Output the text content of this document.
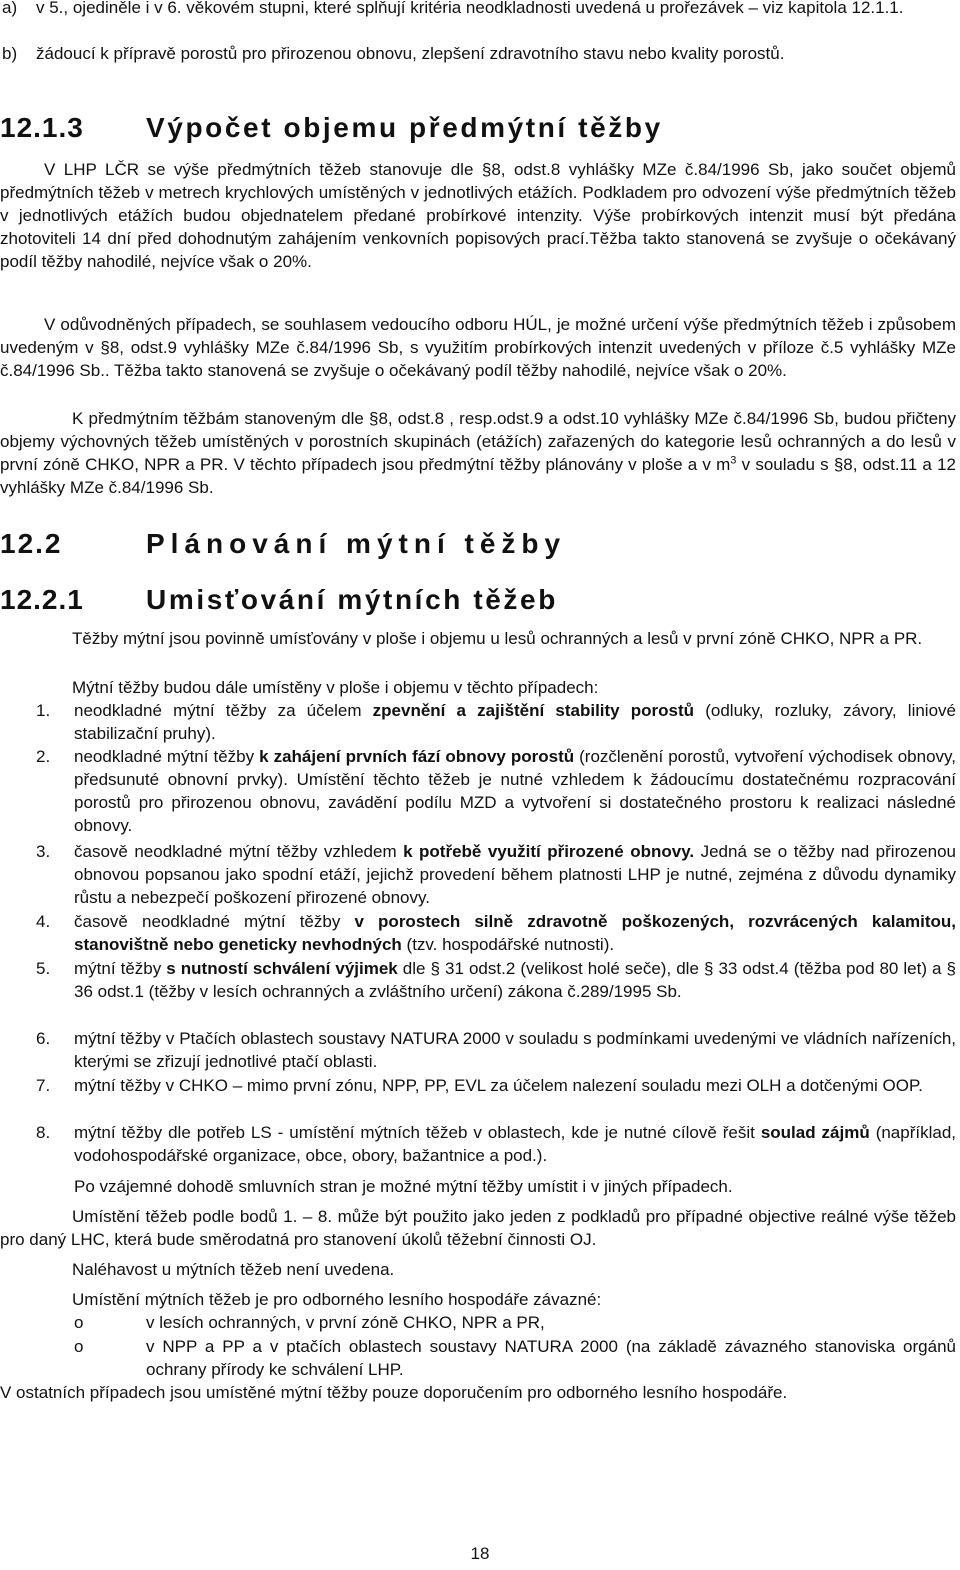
a) v 5., ojediněle i v 6. věkovém stupni, které splňují kritéria neodkladnosti uvedená u prořezávek – viz kapitola 12.1.1.
b) žádoucí k přípravě porostů pro přirozenou obnovu, zlepšení zdravotního stavu nebo kvality porostů.
12.1.3 Výpočet objemu předmýtní těžby

V LHP LČR se výše předmýtních těžeb stanovuje dle §8, odst.8 vyhlášky MZe č.84/1996 Sb, jako součet objemů předmýtních těžeb v metrech krychlových umístěných v jednotlivých etážích. Podkladem pro odvození výše předmýtních těžeb v jednotlivých etážích budou objednatelem předané probírkové intenzity. Výše probírkových intenzit musí být předána zhotoviteli 14 dní před dohodnutým zahájením venkovních popisových prací.Těžba takto stanovená se zvyšuje o očekávaný podíl těžby nahodilé, nejvíce však o 20%.

V odůvodněných případech, se souhlasem vedoucího odboru HÚL, je možné určení výše předmýtních těžeb i způsobem uvedeným v §8, odst.9 vyhlášky MZe č.84/1996 Sb, s využitím probírkových intenzit uvedených v příloze č.5 vyhlášky MZe č.84/1996 Sb.. Těžba takto stanovená se zvyšuje o očekávaný podíl těžby nahodilé, nejvíce však o 20%.

K předmýtním těžbám stanoveným dle §8, odst.8 , resp.odst.9 a odst.10 vyhlášky MZe č.84/1996 Sb, budou přičteny objemy výchovných těžeb umístěných v porostních skupinách (etážích) zařazených do kategorie lesů ochranných a do lesů v první zóně CHKO, NPR a PR. V těchto případech jsou předmýtní těžby plánovány v ploše a v $m^3$ v souladu s §8, odst.11 a 12 vyhlášky MZe č.84/1996 Sb.

12.2	Plánování mýtní těžby
12.2.1 Umisťování mýtních těžeb

Těžby mýtní jsou povinně umísťovány v ploše i objemu u lesů ochranných a lesů v první zóně CHKO, NPR a PR.

Mýtní těžby budou dále umístěny v ploše i objemu v těchto případech:

1. neodkladné mýtní těžby za účelem zpevnění a zajištění stability porostů (odluky, rozluky, závory, liniové stabilizační pruhy).
2. neodkladné mýtní těžby k zahájení prvních fází obnovy porostů (rozčlenění porostů, vytvoření východisek obnovy, předsunuté obnovní prvky). Umístění těchto těžeb je nutné vzhledem k žádoucímu dostatečnému rozpracování porostů pro přirozenou obnovu, zavádění podílu MZD a vytvoření si dostatečného prostoru k realizaci následné obnovy.
3. časově neodkladné mýtní těžby vzhledem k potřebě využití přirozené obnovy. Jedná se o těžby nad přirozenou obnovou popsanou jako spodní etáží, jejichž provedení během platnosti LHP je nutné, zejména z důvodu dynamiky růstu a nebezpečí poškození přirozené obnovy.
4. časově neodkladné mýtní těžby v porostech silně zdravotně poškozených, rozvrácených kalamitou, stanovištně nebo geneticky nevhodných (tzv. hospodářské nutnosti).
5. mýtní těžby s nutností schválení výjimek dle § 31 odst.2 (velikost holé seče), dle § 33 odst.4 (těžba pod 80 let) a § 36 odst.1 (těžby v lesích ochranných a zvláštního určení) zákona č.289/1995 Sb.
6. mýtní těžby v Ptačích oblastech soustavy NATURA 2000 v souladu s podmínkami uvedenými ve vládních nařízeních, kterými se zřizují jednotlivé ptačí oblasti.
7. mýtní těžby v CHKO – mimo první zónu, NPP, PP, EVL za účelem nalezení souladu mezi OLH a dotčenými OOP.
8. mýtní těžby dle potřeb LS - umístění mýtních těžeb v oblastech, kde je nutné cílově řešit soulad zájmů (například, vodohospodářské organizace, obce, obory, bažantnice a pod.).

Po vzájemné dohodě smluvních stran je možné mýtní těžby umístit i v jiných případech.

Umístění těžeb podle bodů 1. – 8. může být použito jako jeden z podkladů pro případné objective reálné výše těžeb pro daný LHC, která bude směrodatná pro stanovení úkolů těžební činnosti OJ.

Naléhavost u mýtních těžeb není uvedena.

Umístění mýtních těžeb je pro odborného lesního hospodáře závazné:

o	v lesích ochranných, v první zóně CHKO, NPR a PR,
o	v NPP a PP a v ptačích oblastech soustavy NATURA 2000 (na základě závazného stanoviska orgánů ochrany přírody ke schválení LHP.

V ostatních případech jsou umístěné mýtní těžby pouze doporučením pro odborného lesního hospodáře.

18
